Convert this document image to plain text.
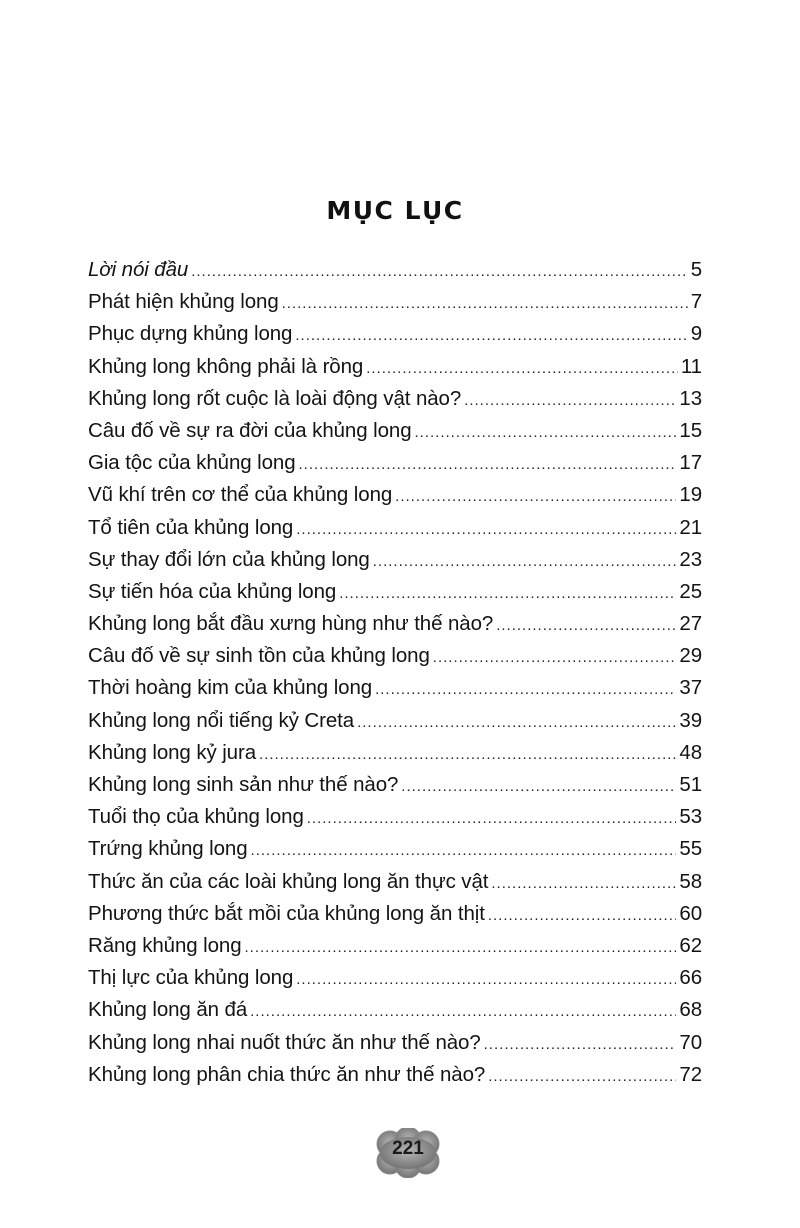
MỤC LỤC
Lời nói đầu .....	5
Phát hiện khủng long .....	7
Phục dựng khủng long .....	9
Khủng long không phải là rồng .....	11
Khủng long rốt cuộc là loài động vật nào? .....	13
Câu đố về sự ra đời của khủng long .....	15
Gia tộc của khủng long .....	17
Vũ khí trên cơ thể của khủng long .....	19
Tổ tiên của khủng long .....	21
Sự thay đổi lớn của khủng long .....	23
Sự tiến hóa của khủng long .....	25
Khủng long bắt đầu xưng hùng như thế nào? .....	27
Câu đố về sự sinh tồn của khủng long .....	29
Thời hoàng kim của khủng long .....	37
Khủng long nổi tiếng kỷ Creta .....	39
Khủng long kỷ jura .....	48
Khủng long sinh sản như thế nào? .....	51
Tuổi thọ của khủng long .....	53
Trứng khủng long .....	55
Thức ăn của các loài khủng long ăn thực vật .....	58
Phương thức bắt mồi của khủng long ăn thịt .....	60
Răng khủng long .....	62
Thị lực của khủng long .....	66
Khủng long ăn đá .....	68
Khủng long nhai nuốt thức ăn như thế nào? .....	70
Khủng long phân chia thức ăn như thế nào? .....	72
221
